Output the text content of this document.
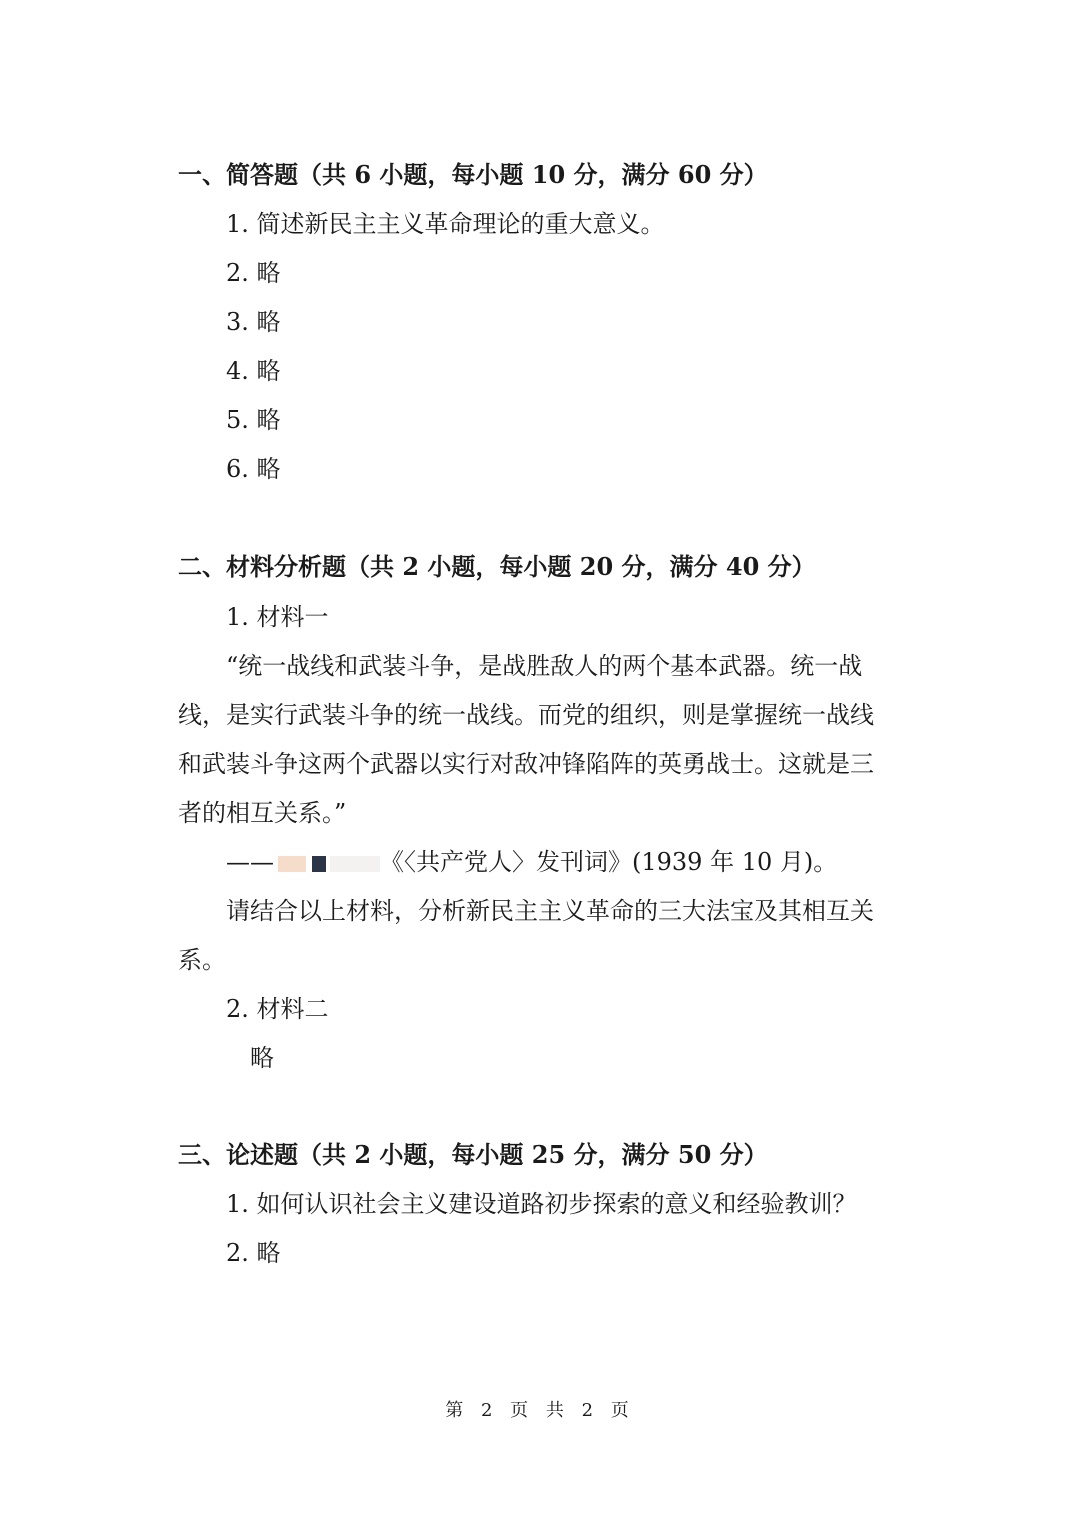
一、简答题（共 6 小题，每小题 10 分，满分 60 分）
1. 简述新民主主义革命理论的重大意义。
2. 略
3. 略
4. 略
5. 略
6. 略
二、材料分析题（共 2 小题，每小题 20 分，满分 40 分）
1. 材料一
“统一战线和武装斗争，是战胜敌人的两个基本武器。统一战
线，是实行武装斗争的统一战线。而党的组织，则是掌握统一战线
和武装斗争这两个武器以实行对敌冲锋陷阵的英勇战士。这就是三
者的相互关系。”
——	《〈共产党人〉发刊词》(1939 年 10 月)。
请结合以上材料，分析新民主主义革命的三大法宝及其相互关
系。
2. 材料二
略
三、论述题（共 2 小题，每小题 25 分，满分 50 分）
1. 如何认识社会主义建设道路初步探索的意义和经验教训？
2. 略
第 2 页 共 2 页
